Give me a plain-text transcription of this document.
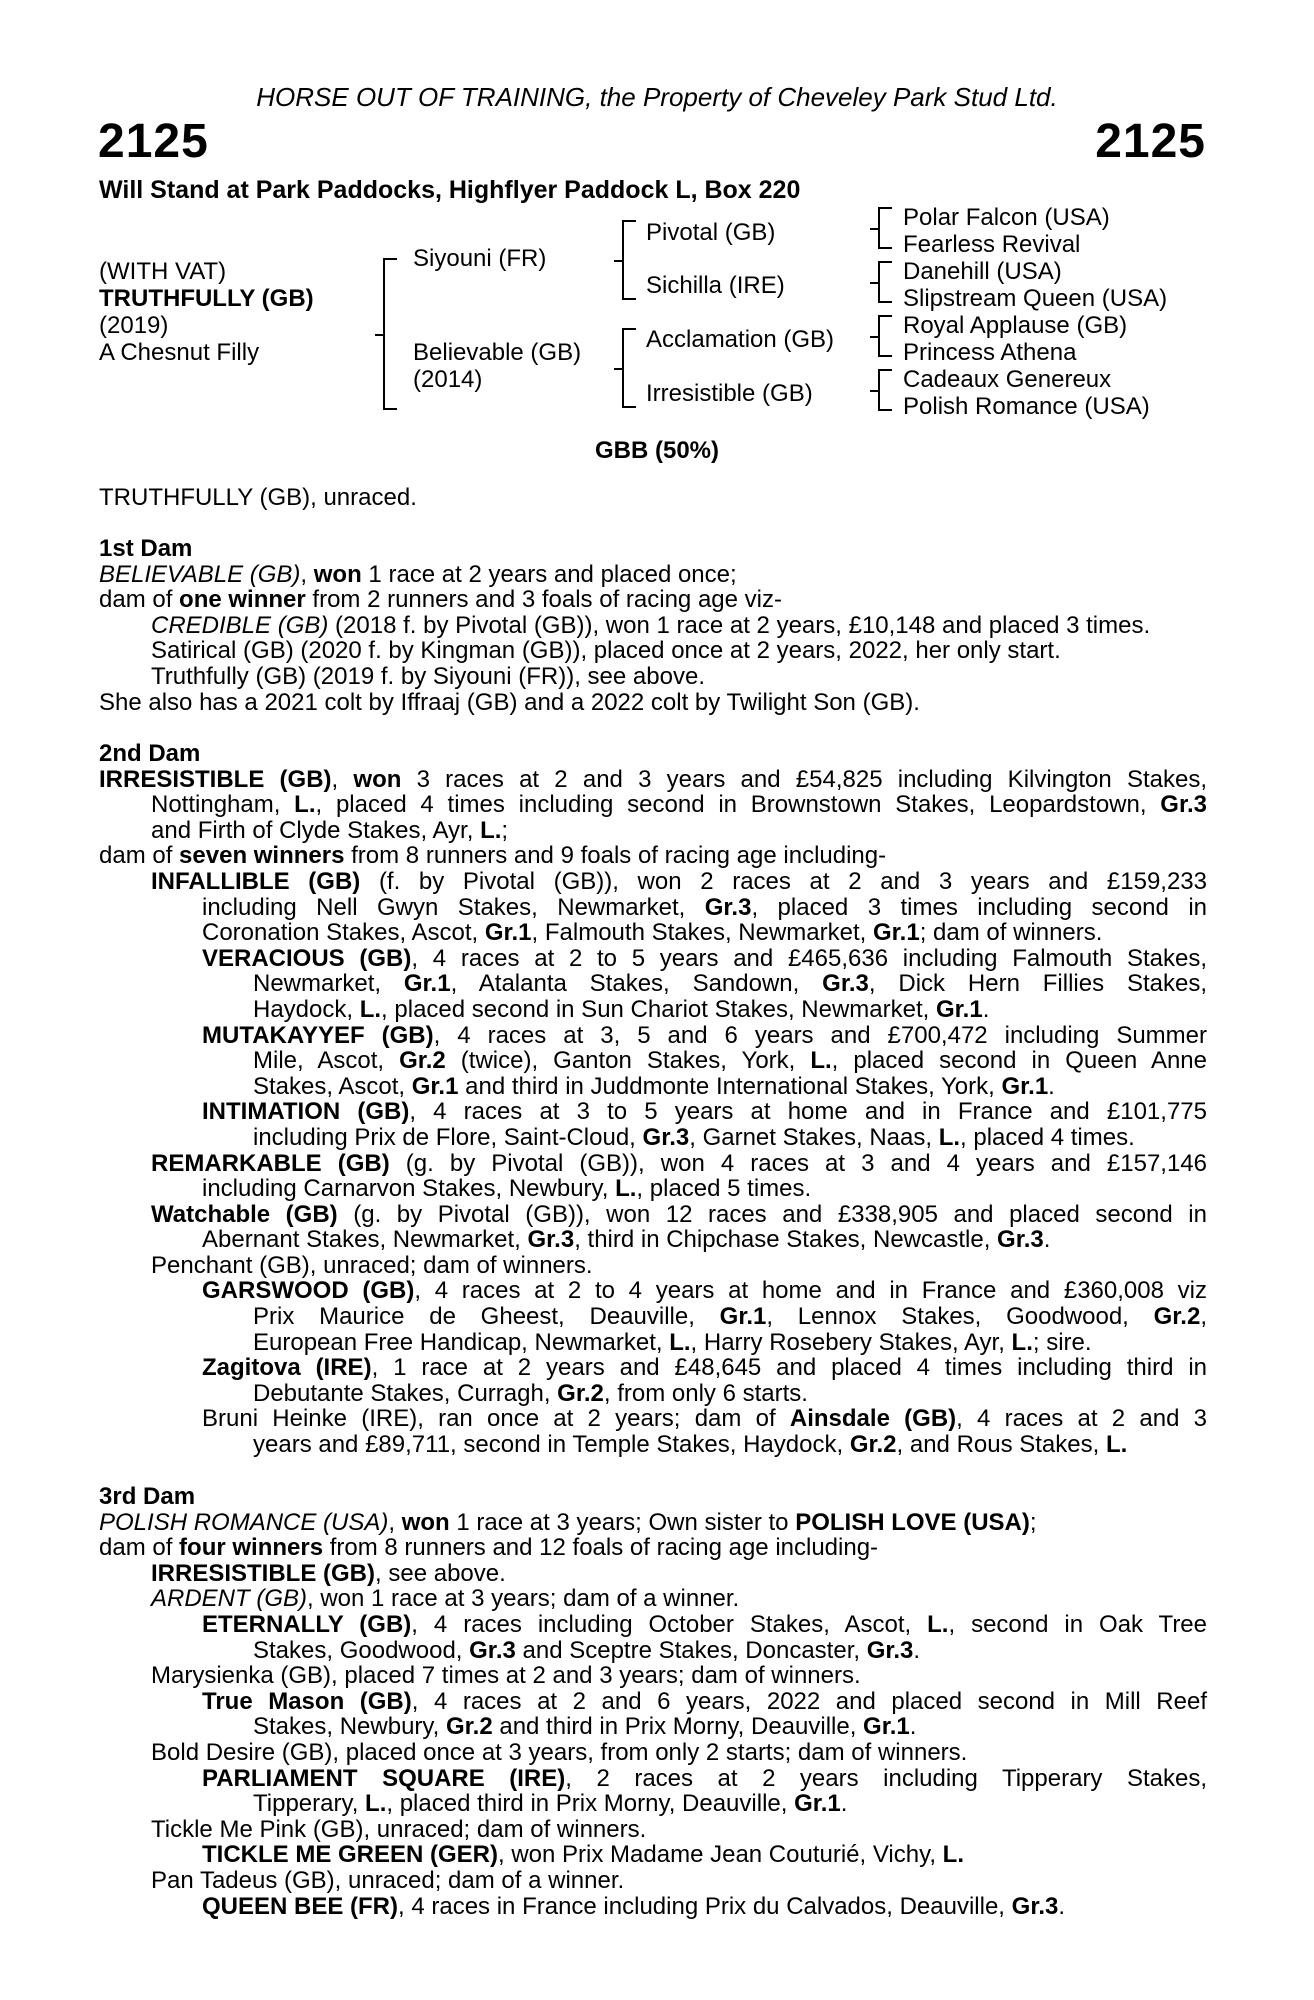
HORSE OUT OF TRAINING, the Property of Cheveley Park Stud Ltd.
2125	2125
Will Stand at Park Paddocks, Highflyer Paddock L, Box 220
(WITH VAT)
TRUTHFULLY (GB)
(2019)
A Chesnut Filly
Siyouni (FR)
Believable (GB)
(2014)
Pivotal (GB)
Sichilla (IRE)
Acclamation (GB)
Irresistible (GB)
Polar Falcon (USA)
Fearless Revival
Danehill (USA)
Slipstream Queen (USA)
Royal Applause (GB)
Princess Athena
Cadeaux Genereux
Polish Romance (USA)
GBB (50%)
TRUTHFULLY (GB), unraced.
1st Dam
BELIEVABLE (GB), won 1 race at 2 years and placed once;
dam of one winner from 2 runners and 3 foals of racing age viz-
CREDIBLE (GB) (2018 f. by Pivotal (GB)), won 1 race at 2 years, £10,148 and placed 3 times.
Satirical (GB) (2020 f. by Kingman (GB)), placed once at 2 years, 2022, her only start.
Truthfully (GB) (2019 f. by Siyouni (FR)), see above.
She also has a 2021 colt by Iffraaj (GB) and a 2022 colt by Twilight Son (GB).
2nd Dam
IRRESISTIBLE (GB), won 3 races at 2 and 3 years and £54,825 including Kilvington Stakes,
Nottingham, L., placed 4 times including second in Brownstown Stakes, Leopardstown, Gr.3
and Firth of Clyde Stakes, Ayr, L.;
dam of seven winners from 8 runners and 9 foals of racing age including-
INFALLIBLE (GB) (f. by Pivotal (GB)), won 2 races at 2 and 3 years and £159,233
including Nell Gwyn Stakes, Newmarket, Gr.3, placed 3 times including second in
Coronation Stakes, Ascot, Gr.1, Falmouth Stakes, Newmarket, Gr.1; dam of winners.
VERACIOUS (GB), 4 races at 2 to 5 years and £465,636 including Falmouth Stakes,
Newmarket, Gr.1, Atalanta Stakes, Sandown, Gr.3, Dick Hern Fillies Stakes,
Haydock, L., placed second in Sun Chariot Stakes, Newmarket, Gr.1.
MUTAKAYYEF (GB), 4 races at 3, 5 and 6 years and £700,472 including Summer
Mile, Ascot, Gr.2 (twice), Ganton Stakes, York, L., placed second in Queen Anne
Stakes, Ascot, Gr.1 and third in Juddmonte International Stakes, York, Gr.1.
INTIMATION (GB), 4 races at 3 to 5 years at home and in France and £101,775
including Prix de Flore, Saint-Cloud, Gr.3, Garnet Stakes, Naas, L., placed 4 times.
REMARKABLE (GB) (g. by Pivotal (GB)), won 4 races at 3 and 4 years and £157,146
including Carnarvon Stakes, Newbury, L., placed 5 times.
Watchable (GB) (g. by Pivotal (GB)), won 12 races and £338,905 and placed second in
Abernant Stakes, Newmarket, Gr.3, third in Chipchase Stakes, Newcastle, Gr.3.
Penchant (GB), unraced; dam of winners.
GARSWOOD (GB), 4 races at 2 to 4 years at home and in France and £360,008 viz
Prix Maurice de Gheest, Deauville, Gr.1, Lennox Stakes, Goodwood, Gr.2,
European Free Handicap, Newmarket, L., Harry Rosebery Stakes, Ayr, L.; sire.
Zagitova (IRE), 1 race at 2 years and £48,645 and placed 4 times including third in
Debutante Stakes, Curragh, Gr.2, from only 6 starts.
Bruni Heinke (IRE), ran once at 2 years; dam of Ainsdale (GB), 4 races at 2 and 3
years and £89,711, second in Temple Stakes, Haydock, Gr.2, and Rous Stakes, L.
3rd Dam
POLISH ROMANCE (USA), won 1 race at 3 years; Own sister to POLISH LOVE (USA);
dam of four winners from 8 runners and 12 foals of racing age including-
IRRESISTIBLE (GB), see above.
ARDENT (GB), won 1 race at 3 years; dam of a winner.
ETERNALLY (GB), 4 races including October Stakes, Ascot, L., second in Oak Tree
Stakes, Goodwood, Gr.3 and Sceptre Stakes, Doncaster, Gr.3.
Marysienka (GB), placed 7 times at 2 and 3 years; dam of winners.
True Mason (GB), 4 races at 2 and 6 years, 2022 and placed second in Mill Reef
Stakes, Newbury, Gr.2 and third in Prix Morny, Deauville, Gr.1.
Bold Desire (GB), placed once at 3 years, from only 2 starts; dam of winners.
PARLIAMENT SQUARE (IRE), 2 races at 2 years including Tipperary Stakes,
Tipperary, L., placed third in Prix Morny, Deauville, Gr.1.
Tickle Me Pink (GB), unraced; dam of winners.
TICKLE ME GREEN (GER), won Prix Madame Jean Couturié, Vichy, L.
Pan Tadeus (GB), unraced; dam of a winner.
QUEEN BEE (FR), 4 races in France including Prix du Calvados, Deauville, Gr.3.
